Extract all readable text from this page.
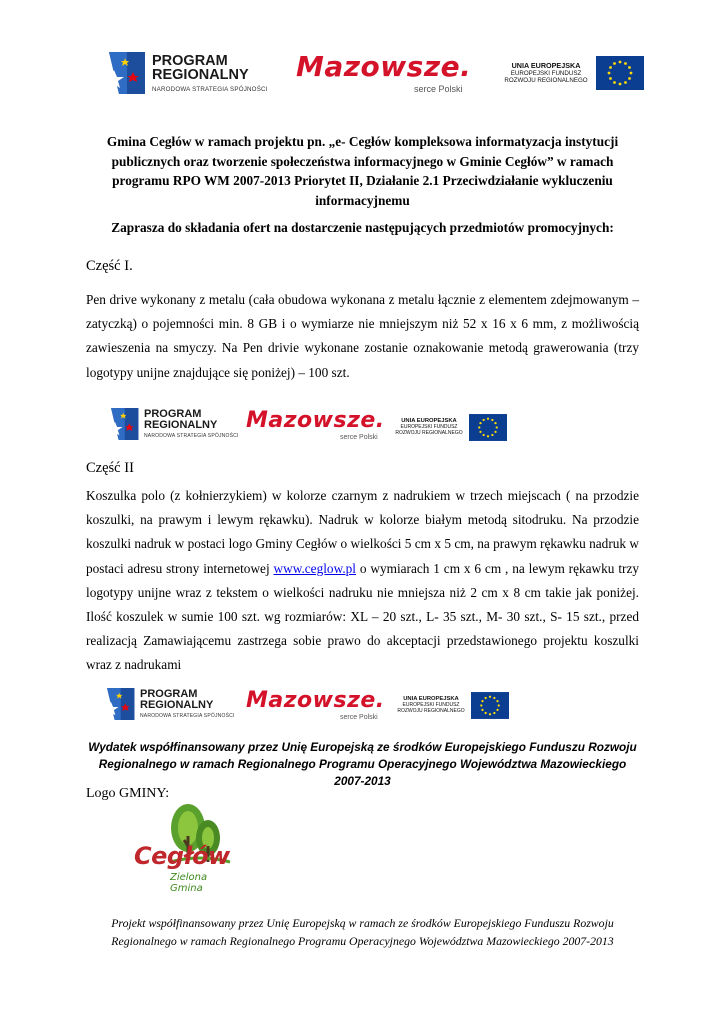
PROGRAM
REGIONALNY
NARODOWA STRATEGIA SPÓJNOŚCI
Mazowsze.
serce Polski
UNIA EUROPEJSKA
EUROPEJSKI FUNDUSZ
ROZWOJU REGIONALNEGO
Gmina Cegłów w ramach projektu pn. „e- Cegłów kompleksowa informatyzacja instytucji publicznych oraz tworzenie społeczeństwa informacyjnego w Gminie Cegłów” w ramach programu RPO WM 2007-2013 Priorytet II, Działanie 2.1 Przeciwdziałanie wykluczeniu informacyjnemu
Zaprasza do składania ofert na dostarczenie następujących przedmiotów promocyjnych:
Część I.
Pen drive wykonany z metalu (cała obudowa wykonana z metalu łącznie z elementem zdejmowanym – zatyczką) o pojemności min. 8 GB i o wymiarze nie mniejszym niż 52 x 16 x 6 mm, z możliwością zawieszenia na smyczy. Na Pen drivie wykonane zostanie oznakowanie metodą grawerowania (trzy logotypy unijne znajdujące się poniżej) – 100 szt.
PROGRAM
REGIONALNY
NARODOWA STRATEGIA SPÓJNOŚCI
Mazowsze.
serce Polski
UNIA EUROPEJSKA
EUROPEJSKI FUNDUSZ
ROZWOJU REGIONALNEGO
Część II
Koszulka polo (z kołnierzykiem) w kolorze czarnym z nadrukiem w trzech miejscach ( na przodzie koszulki, na prawym i lewym rękawku). Nadruk w kolorze białym metodą sitodruku. Na przodzie koszulki nadruk w postaci logo Gminy Cegłów o wielkości 5 cm x 5 cm, na prawym rękawku nadruk w postaci adresu strony internetowej www.ceglow.pl o wymiarach 1 cm x 6 cm , na lewym rękawku trzy logotypy unijne wraz z tekstem o wielkości nadruku nie mniejsza niż 2 cm x 8 cm takie jak poniżej. Ilość koszulek w sumie 100 szt. wg rozmiarów: XL – 20 szt., L- 35 szt., M- 30 szt., S- 15 szt., przed realizacją Zamawiającemu zastrzega sobie prawo do akceptacji przedstawionego projektu koszulki wraz z nadrukami
PROGRAM
REGIONALNY
NARODOWA STRATEGIA SPÓJNOŚCI
Mazowsze.
serce Polski
UNIA EUROPEJSKA
EUROPEJSKI FUNDUSZ
ROZWOJU REGIONALNEGO
Wydatek współfinansowany przez Unię Europejską ze środków Europejskiego Funduszu Rozwoju Regionalnego w ramach Regionalnego Programu Operacyjnego Województwa Mazowieckiego 2007-2013
Logo GMINY:
Cegłów
Zielona Gmina
Projekt współfinansowany przez Unię Europejską w ramach ze środków Europejskiego Funduszu Rozwoju Regionalnego w ramach Regionalnego Programu Operacyjnego Województwa Mazowieckiego 2007-2013
